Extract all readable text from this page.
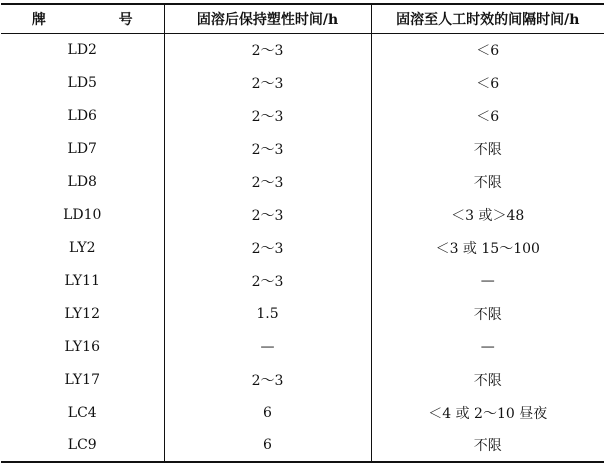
牌 号	固溶后保持塑性时间/h	固溶至人工时效的间隔时间/h
LD2	2～3	＜6
LD5	2～3	＜6
LD6	2～3	＜6
LD7	2～3	不限
LD8	2～3	不限
LD10	2～3	＜3 或＞48
LY2	2～3	＜3 或 15～100
LY11	2～3	—
LY12	1.5	不限
LY16	—	—
LY17	2～3	不限
LC4	6	＜4 或 2～10 昼夜
LC9	6	不限
